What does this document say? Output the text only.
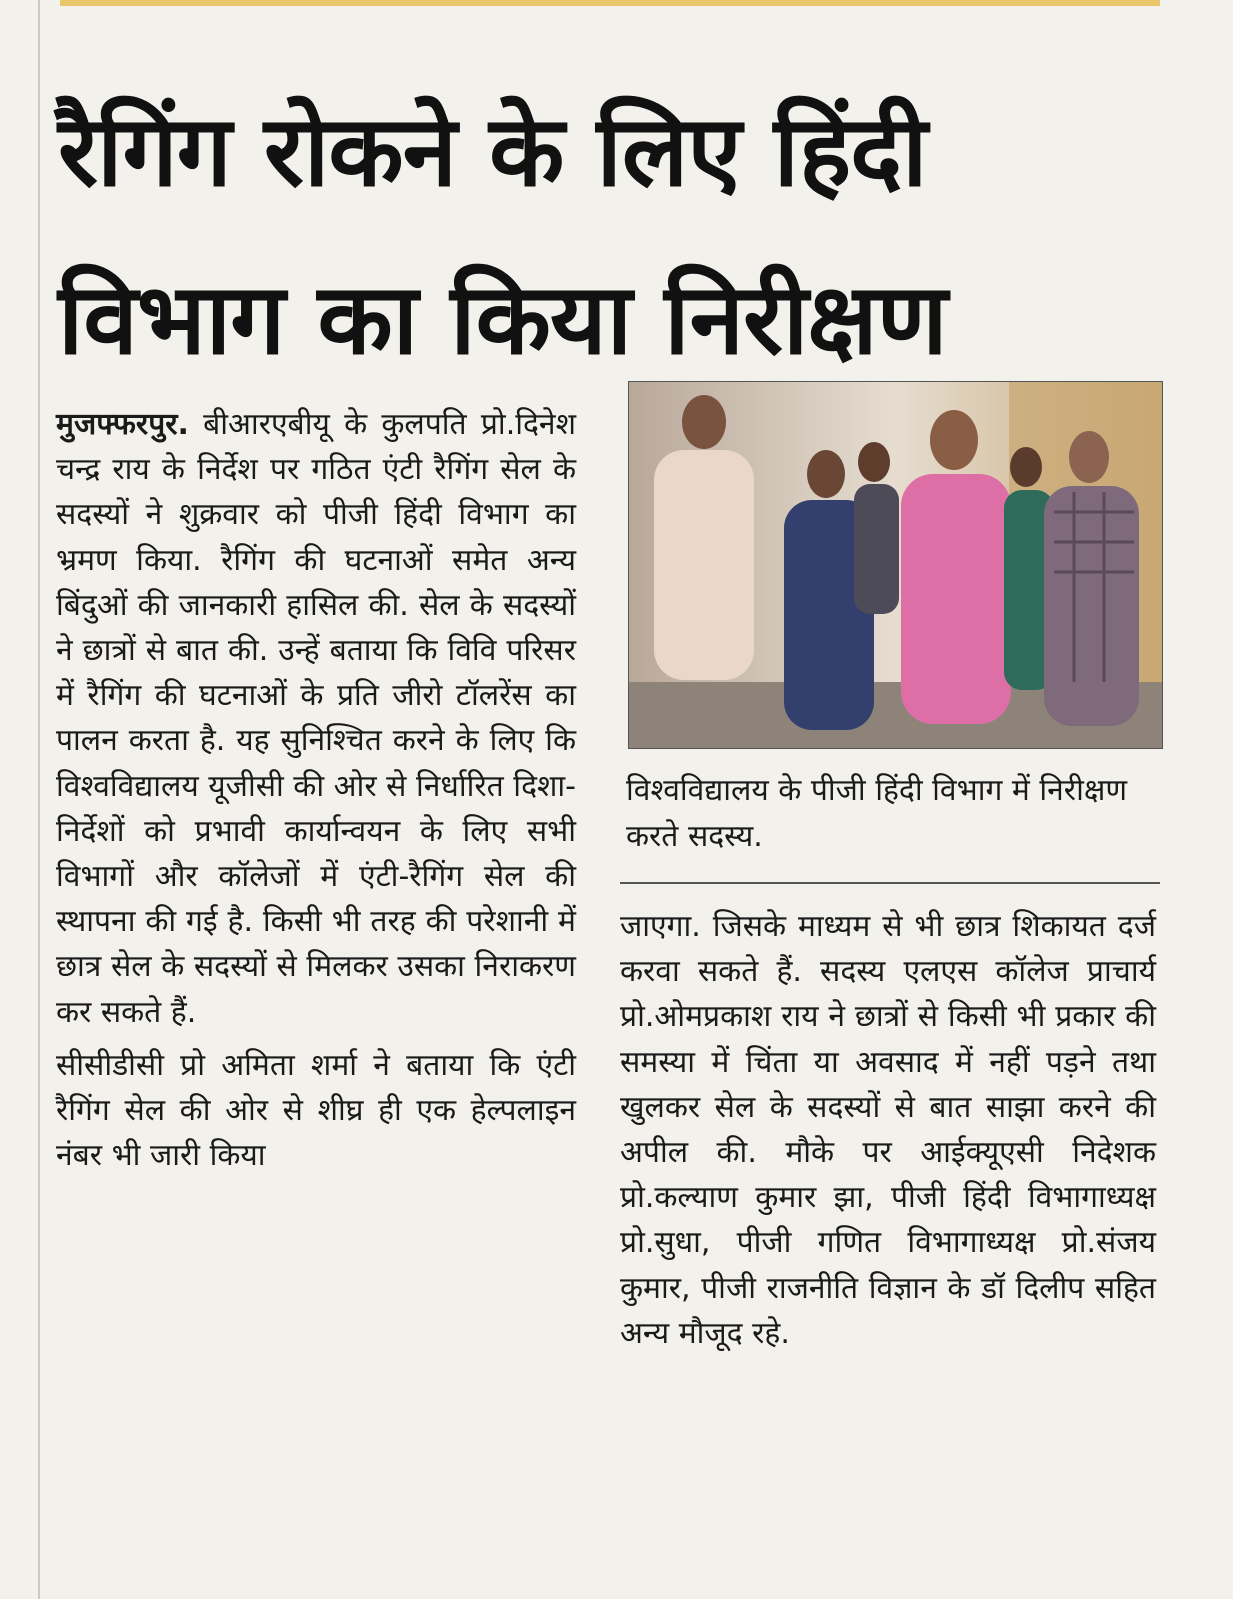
रैगिंग रोकने के लिए हिंदी
विभाग का किया निरीक्षण

मुजफ्फरपुर. बीआरएबीयू के कुलपति प्रो.दिनेश चन्द्र राय के निर्देश पर गठित एंटी रैगिंग सेल के सदस्यों ने शुक्रवार को पीजी हिंदी विभाग का भ्रमण किया. रैगिंग की घटनाओं समेत अन्य बिंदुओं की जानकारी हासिल की. सेल के सदस्यों ने छात्रों से बात की. उन्हें बताया कि विवि परिसर में रैगिंग की घटनाओं के प्रति जीरो टॉलरेंस का पालन करता है. यह सुनिश्चित करने के लिए कि विश्वविद्यालय यूजीसी की ओर से निर्धारित दिशा-निर्देशों को प्रभावी कार्यान्वयन के लिए सभी विभागों और कॉलेजों में एंटी-रैगिंग सेल की स्थापना की गई है. किसी भी तरह की परेशानी में छात्र सेल के सदस्यों से मिलकर उसका निराकरण कर सकते हैं.

सीसीडीसी प्रो अमिता शर्मा ने बताया कि एंटी रैगिंग सेल की ओर से शीघ्र ही एक हेल्पलाइन नंबर भी जारी किया

विश्वविद्यालय के पीजी हिंदी विभाग में निरीक्षण करते सदस्य.

जाएगा. जिसके माध्यम से भी छात्र शिकायत दर्ज करवा सकते हैं. सदस्य एलएस कॉलेज प्राचार्य प्रो.ओमप्रकाश राय ने छात्रों से किसी भी प्रकार की समस्या में चिंता या अवसाद में नहीं पड़ने तथा खुलकर सेल के सदस्यों से बात साझा करने की अपील की. मौके पर आईक्यूएसी निदेशक प्रो.कल्याण कुमार झा, पीजी हिंदी विभागाध्यक्ष प्रो.सुधा, पीजी गणित विभागाध्यक्ष प्रो.संजय कुमार, पीजी राजनीति विज्ञान के डॉ दिलीप सहित अन्य मौजूद रहे.
